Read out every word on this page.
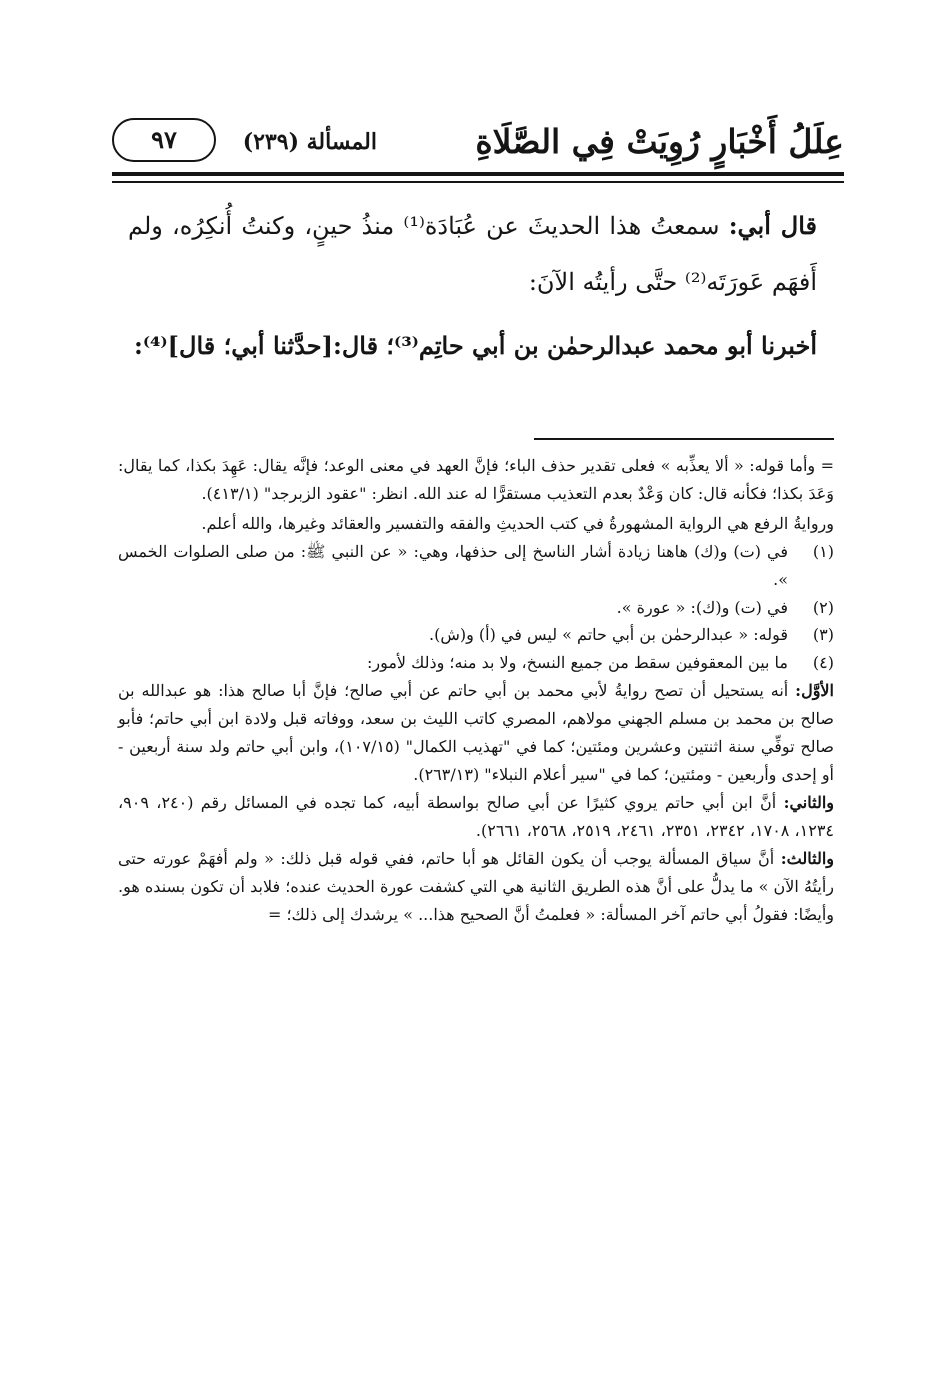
عِلَلُ أَخْبَارٍ رُوِيَتْ فِي الصَّلَاةِ
المسألة (٢٣٩)
٩٧

قال أبي: سمعتُ هذا الحديثَ عن عُبَادَة⁽¹⁾ منذُ حينٍ، وكنتُ أُنكِرُه، ولم أَفهَم عَورَتَه⁽²⁾ حتَّى رأيتُه الآنَ:

أخبرنا أبو محمد عبدالرحمٰن بن أبي حاتِم⁽³⁾؛ قال:[حدَّثنا أبي؛ قال]⁽⁴⁾:

= وأما قوله: « ألا يعذِّبه » فعلى تقدير حذف الباء؛ فإنَّ العهد في معنى الوعد؛ فإنَّه يقال: عَهِدَ بكذا، كما يقال: وَعَدَ بكذا؛ فكأنه قال: كان وَعْدٌ بعدم التعذيب مستقرًّا له عند الله. انظر: "عقود الزبرجد" (٤١٣/١).

وروايةُ الرفع هي الرواية المشهورةُ في كتب الحديثِ والفقه والتفسير والعقائد وغيرها، والله أعلم.

(١)
في (ت) و(ك) هاهنا زيادة أشار الناسخ إلى حذفها، وهي: « عن النبي ﷺ: من صلى الصلوات الخمس ».

(٢)
في (ت) و(ك): « عورة ».

(٣)
قوله: « عبدالرحمٰن بن أبي حاتم » ليس في (أ) و(ش).

(٤)
ما بين المعقوفين سقط من جميع النسخ، ولا بد منه؛ وذلك لأمور:

الأوَّل: أنه يستحيل أن تصح روايةُ لأبي محمد بن أبي حاتم عن أبي صالح؛ فإنَّ أبا صالح هذا: هو عبدالله بن صالح بن محمد بن مسلم الجهني مولاهم، المصري كاتب الليث بن سعد، ووفاته قبل ولادة ابن أبي حاتم؛ فأبو صالح توفِّي سنة اثنتين وعشرين ومئتين؛ كما في "تهذيب الكمال" (١٠٧/١٥)، وابن أبي حاتم ولد سنة أربعين - أو إحدى وأربعين - ومئتين؛ كما في "سير أعلام النبلاء" (٢٦٣/١٣).

والثاني: أنَّ ابن أبي حاتم يروي كثيرًا عن أبي صالح بواسطة أبيه، كما تجده في المسائل رقم (٢٤٠، ٩٠٩، ١٢٣٤، ١٧٠٨، ٢٣٤٢، ٢٣٥١، ٢٤٦١، ٢٥١٩، ٢٥٦٨، ٢٦٦١).

والثالث: أنَّ سياق المسألة يوجب أن يكون القائل هو أبا حاتم، ففي قوله قبل ذلك: « ولم أفهَمْ عورته حتى رأيتُهُ الآن » ما يدلُّ على أنَّ هذه الطريق الثانية هي التي كشفت عورة الحديث عنده؛ فلابد أن تكون بسنده هو. وأيضًا: فقولُ أبي حاتم آخر المسألة: « فعلمتُ أنَّ الصحيح هذا... » يرشدك إلى ذلك؛ =
